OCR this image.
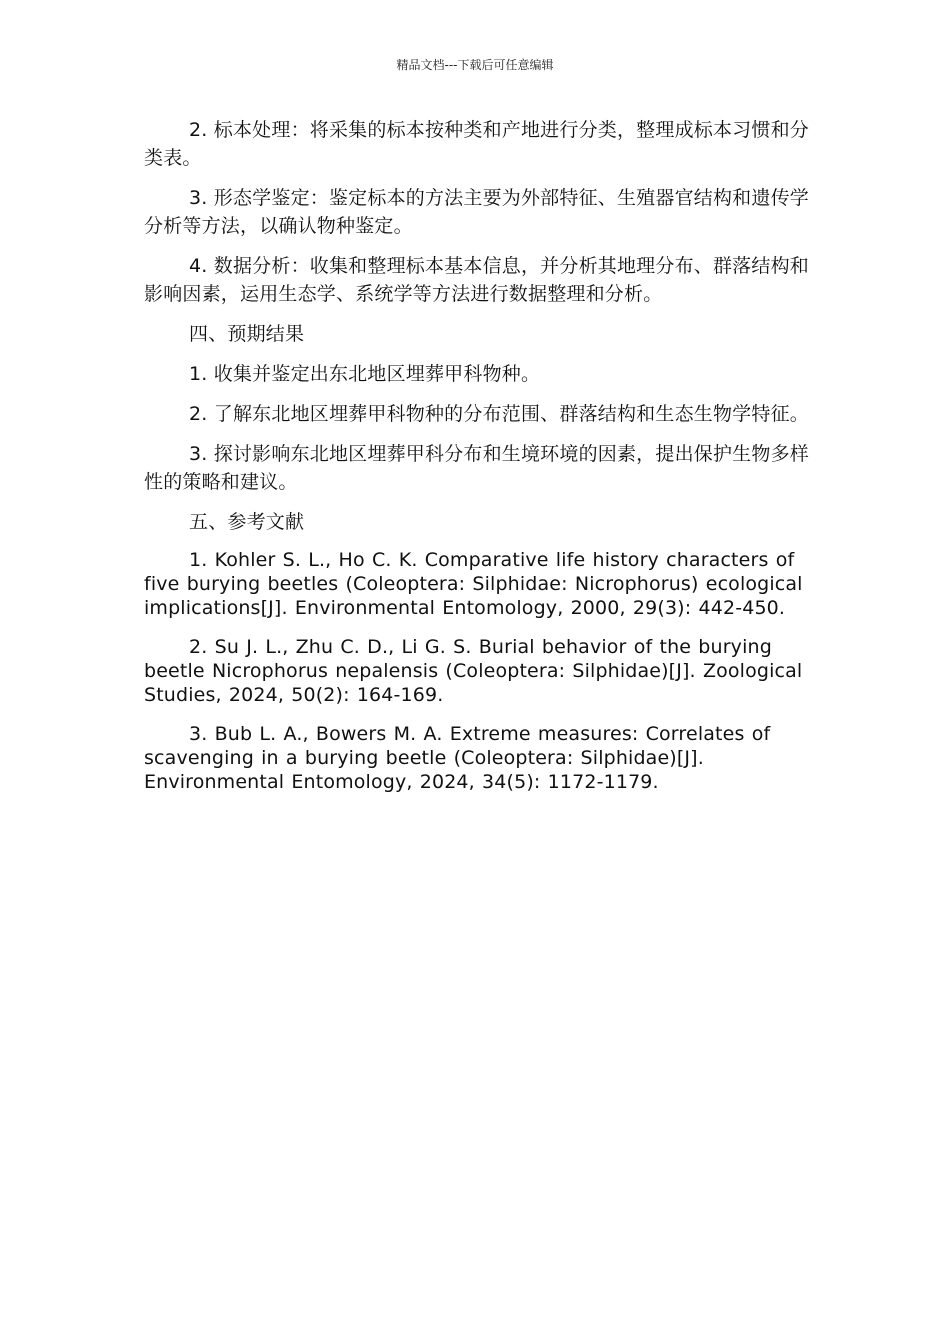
精品文档---下载后可任意编辑

2. 标本处理：将采集的标本按种类和产地进行分类，整理成标本习惯和分类表。

3. 形态学鉴定：鉴定标本的方法主要为外部特征、生殖器官结构和遗传学分析等方法，以确认物种鉴定。

4. 数据分析：收集和整理标本基本信息，并分析其地理分布、群落结构和影响因素，运用生态学、系统学等方法进行数据整理和分析。

四、预期结果

1. 收集并鉴定出东北地区埋葬甲科物种。

2. 了解东北地区埋葬甲科物种的分布范围、群落结构和生态生物学特征。

3. 探讨影响东北地区埋葬甲科分布和生境环境的因素，提出保护生物多样性的策略和建议。

五、参考文献

1. Kohler S. L., Ho C. K. Comparative life history characters of five burying beetles (Coleoptera: Silphidae: Nicrophorus) ecological implications[J]. Environmental Entomology, 2000, 29(3): 442-450.

2. Su J. L., Zhu C. D., Li G. S. Burial behavior of the burying beetle Nicrophorus nepalensis (Coleoptera: Silphidae)[J]. Zoological Studies, 2024, 50(2): 164-169.

3. Bub L. A., Bowers M. A. Extreme measures: Correlates of scavenging in a burying beetle (Coleoptera: Silphidae)[J]. Environmental Entomology, 2024, 34(5): 1172-1179.
